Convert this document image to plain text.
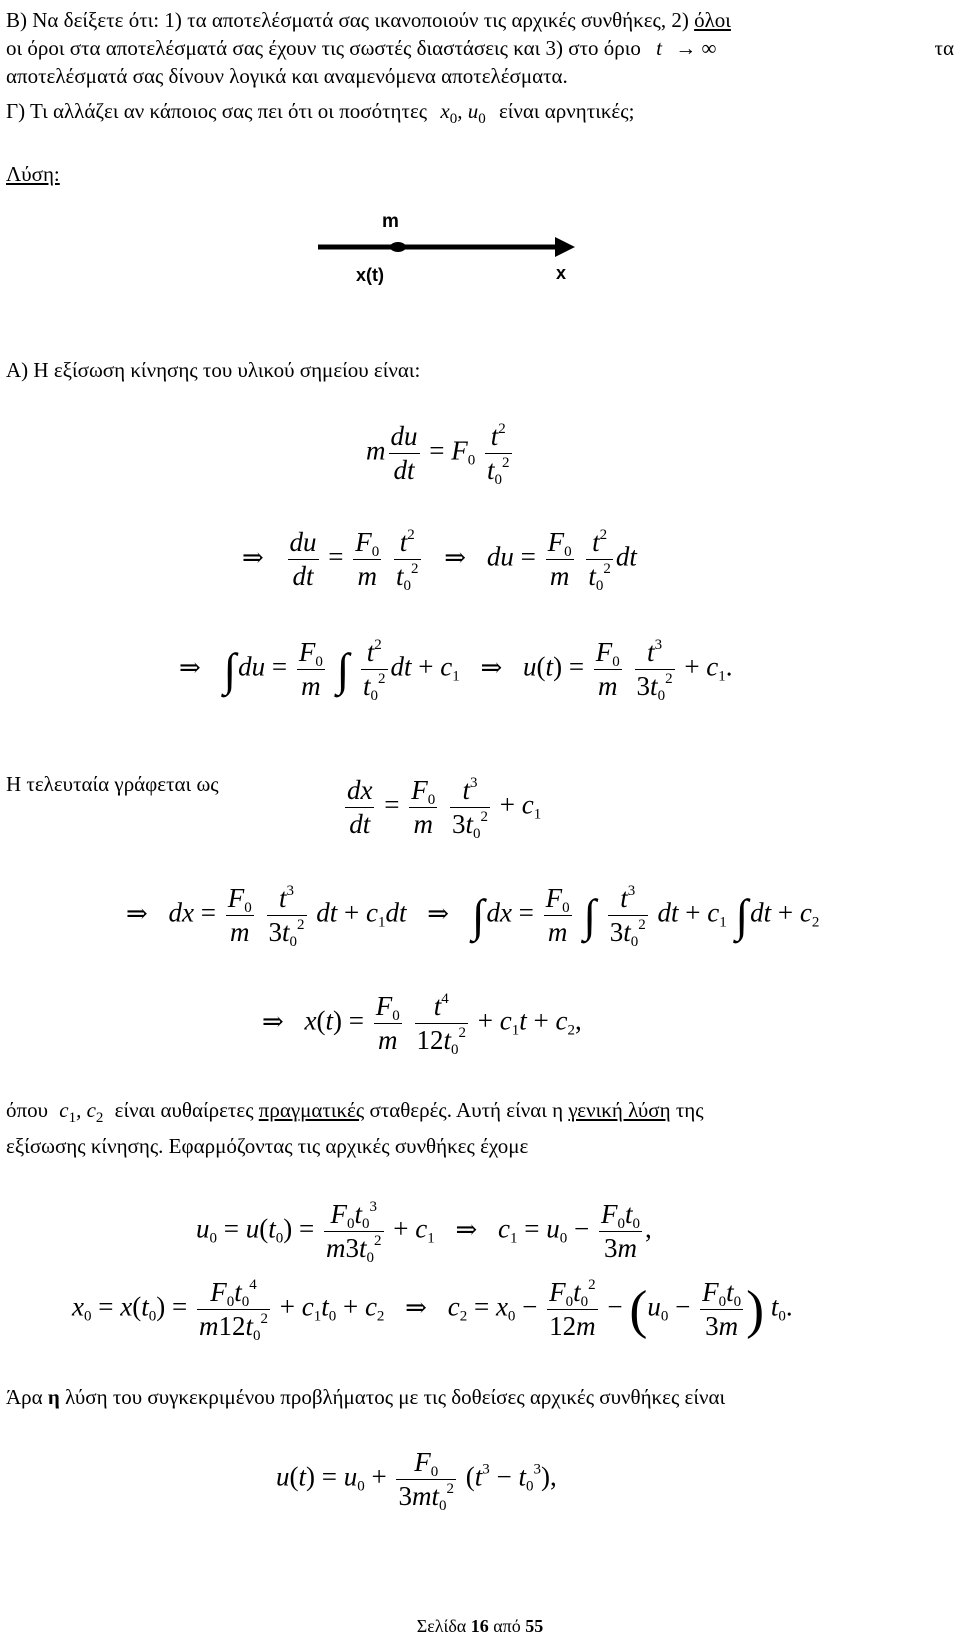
Β) Να δείξετε ότι: 1) τα αποτελέσματά σας ικανοποιούν τις αρχικές συνθήκες, 2) όλοι
οι όροι στα αποτελέσματά σας έχουν τις σωστές διαστάσεις και 3) στο όριο t → ∞	τα
αποτελέσματά σας δίνουν λογικά και αναμενόμενα αποτελέσματα.
Γ) Τι αλλάζει αν κάποιος σας πει ότι οι ποσότητες $x_0$, $u_0$ είναι αρνητικές;
Λύση:
m
x(t)	x
Α) Η εξίσωση κίνησης του υλικού σημείου είναι:
m $\frac{du}{dt} = F_0 \frac{t^2}{t_0^2}$
⇒ $\frac{du}{dt} = \frac{F_0}{m}$
$\frac{t^2}{t_0^2}$ ⇒ du = $\frac{F_0}{m}$
$\frac{t^2}{t_0^2}$ dt
⇒ $\int du = \frac{F_0}{m}$ ∫ $\frac{t^2}{t_0^2}$ dt + $c_1$ ⇒ $u(t) = \frac{F_0}{m}$
$\frac{t^3}{3t_0^2} + c_1$.
Η τελευταία γράφεται ως	$\frac{dx}{dt} = \frac{F_0}{m}$
$\frac{t^3}{3t_0^2} + c_1$
⇒ dx = $\frac{F_0}{m}$
$\frac{t^3}{3t_0^2}$ dt + $c_1dt$ ⇒ $\int dx = \frac{F_0}{m}$ ∫ $\frac{t^3}{3t_0^2}$ dt + $c_1$ $\int dt + c_2$
⇒ $x(t) = \frac{F_0}{m}$
$\frac{t^4}{12t_0^2} + c_1t + c_2$,
όπου $c_1$, $c_2$ είναι αυθαίρετες πραγματικές σταθερές. Αυτή είναι η γενική λύση της
εξίσωσης κίνησης. Εφαρμόζοντας τις αρχικές συνθήκες έχομε
$u_0 = u(t_0) = \frac{F_0t_0^3}{m3t_0^2} + c_1$ ⇒ $c_1 = u_0 - \frac{F_0t_0}{3m}$ ,
$x_0 = x(t_0) = \frac{F_0t_0^4}{m12t_0^2} + c_1t_0 + c_2$ ⇒ $c_2 = x_0 - \frac{F_0t_0^2}{12m} - (u_0 - \frac{F_0t_0}{3m}$ ) $t_0$.
Άρα η λύση του συγκεκριμένου προβλήματος με τις δοθείσες αρχικές συνθήκες είναι
$u(t) = u_0 + \frac{F_0}{3mt_0^2} (t^3 - t_0^3)$,
Σελίδα 16 από 55
